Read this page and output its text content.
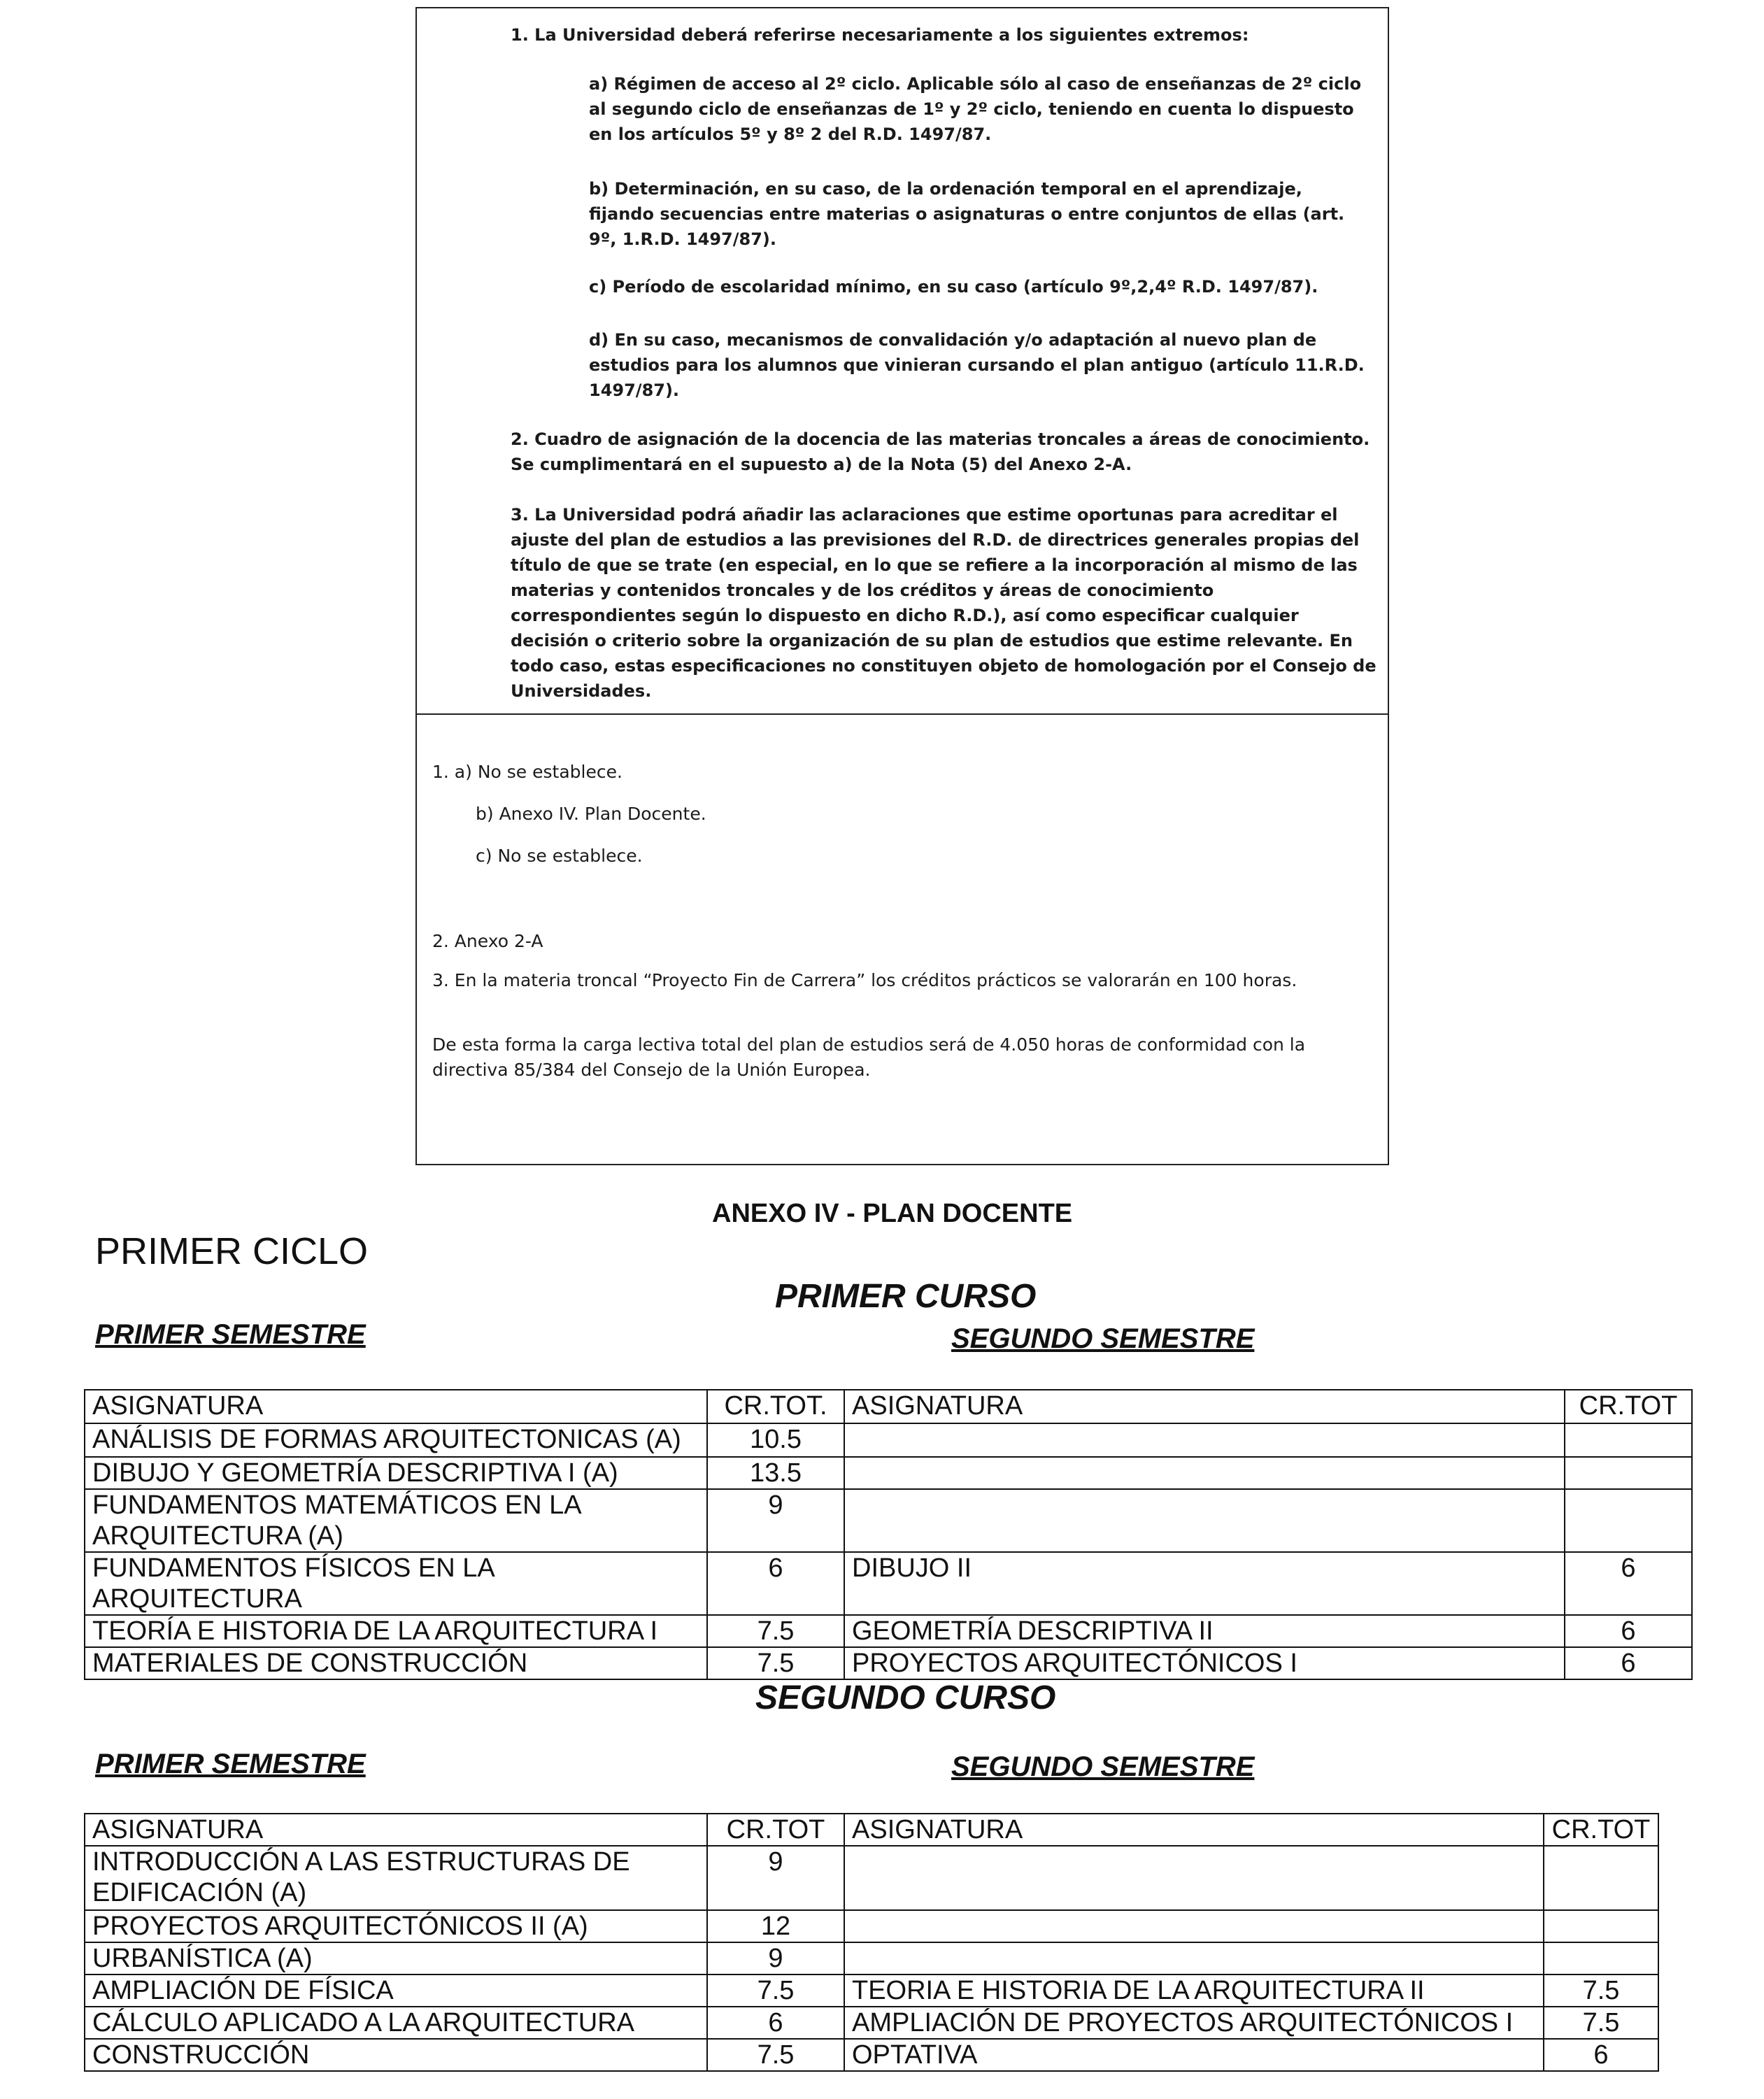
1. La Universidad deberá referirse necesariamente a los siguientes extremos:

a) Régimen de acceso al 2º ciclo. Aplicable sólo al caso de enseñanzas de 2º ciclo al segundo ciclo de enseñanzas de 1º y 2º ciclo, teniendo en cuenta lo dispuesto en los artículos 5º y 8º 2 del R.D. 1497/87.

b) Determinación, en su caso, de la ordenación temporal en el aprendizaje, fijando secuencias entre materias o asignaturas o entre conjuntos de ellas (art. 9º, 1.R.D. 1497/87).

c) Período de escolaridad mínimo, en su caso (artículo 9º,2,4º R.D. 1497/87).

d) En su caso, mecanismos de convalidación y/o adaptación al nuevo plan de estudios para los alumnos que vinieran cursando el plan antiguo (artículo 11.R.D. 1497/87).

2. Cuadro de asignación de la docencia de las materias troncales a áreas de conocimiento. Se cumplimentará en el supuesto a) de la Nota (5) del Anexo 2-A.

3. La Universidad podrá añadir las aclaraciones que estime oportunas para acreditar el ajuste del plan de estudios a las previsiones del R.D. de directrices generales propias del título de que se trate (en especial, en lo que se refiere a la incorporación al mismo de las materias y contenidos troncales y de los créditos y áreas de conocimiento correspondientes según lo dispuesto en dicho R.D.), así como especificar cualquier decisión o criterio sobre la organización de su plan de estudios que estime relevante. En todo caso, estas especificaciones no constituyen objeto de homologación por el Consejo de Universidades.

1. a) No se establece.

b) Anexo IV. Plan Docente.

c) No se establece.

2. Anexo 2-A

3. En la materia troncal “Proyecto Fin de Carrera” los créditos prácticos se valorarán en 100 horas.

De esta forma la carga lectiva total del plan de estudios será de 4.050 horas de conformidad con la directiva 85/384 del Consejo de la Unión Europea.

ANEXO IV - PLAN DOCENTE
PRIMER CICLO
PRIMER CURSO
PRIMER SEMESTRE	SEGUNDO SEMESTRE
ASIGNATURA	CR.TOT.	ASIGNATURA	CR.TOT
ANÁLISIS DE FORMAS ARQUITECTONICAS (A)	10.5		
DIBUJO Y GEOMETRÍA DESCRIPTIVA I (A)	13.5		
FUNDAMENTOS MATEMÁTICOS EN LA ARQUITECTURA (A)	9		
FUNDAMENTOS FÍSICOS EN LA ARQUITECTURA	6	DIBUJO II	6
TEORÍA E HISTORIA DE LA ARQUITECTURA I	7.5	GEOMETRÍA DESCRIPTIVA II	6
MATERIALES DE CONSTRUCCIÓN	7.5	PROYECTOS ARQUITECTÓNICOS I	6
SEGUNDO CURSO
PRIMER SEMESTRE	SEGUNDO SEMESTRE
ASIGNATURA	CR.TOT	ASIGNATURA	CR.TOT
INTRODUCCIÓN A LAS ESTRUCTURAS DE EDIFICACIÓN (A)	9		
PROYECTOS ARQUITECTÓNICOS II (A)	12		
URBANÍSTICA (A)	9		
AMPLIACIÓN DE FÍSICA	7.5	TEORIA E HISTORIA DE LA ARQUITECTURA II	7.5
CÁLCULO APLICADO A LA ARQUITECTURA	6	AMPLIACIÓN DE PROYECTOS ARQUITECTÓNICOS I	7.5
CONSTRUCCIÓN	7.5	OPTATIVA	6
